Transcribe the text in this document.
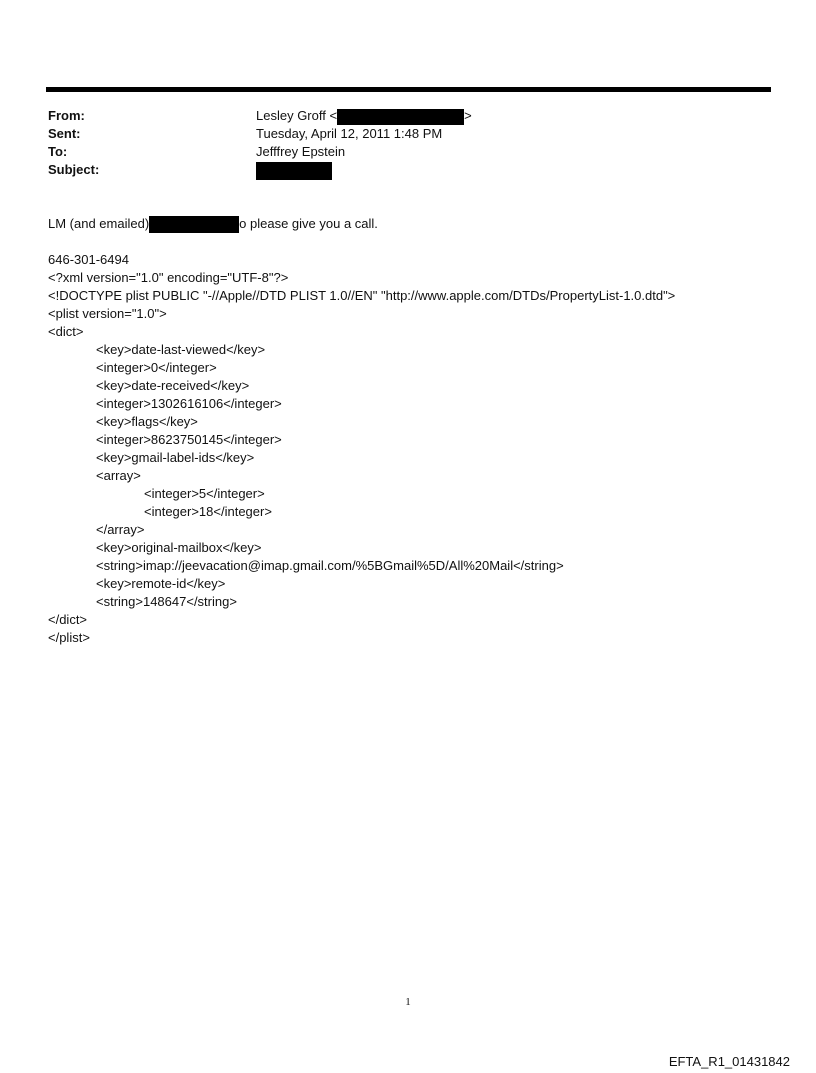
From:	Lesley Groff <	>
Sent:	Tuesday, April 12, 2011 1:48 PM
To:	Jefffrey Epstein
Subject:
LM (and emailed)	o please give you a call.
646-301-6494
<?xml version="1.0" encoding="UTF-8"?>
<!DOCTYPE plist PUBLIC "-//Apple//DTD PLIST 1.0//EN" "http://www.apple.com/DTDs/PropertyList-1.0.dtd">
<plist version="1.0">
<dict>
<key>date-last-viewed</key>
<integer>0</integer>
<key>date-received</key>
<integer>1302616106</integer>
<key>flags</key>
<integer>8623750145</integer>
<key>gmail-label-ids</key>
<array>
<integer>5</integer>
<integer>18</integer>
</array>
<key>original-mailbox</key>
<string>imap://jeevacation@imap.gmail.com/%5BGmail%5D/All%20Mail</string>
<key>remote-id</key>
<string>148647</string>
</dict>
</plist>
1
EFTA_R1_01431842
